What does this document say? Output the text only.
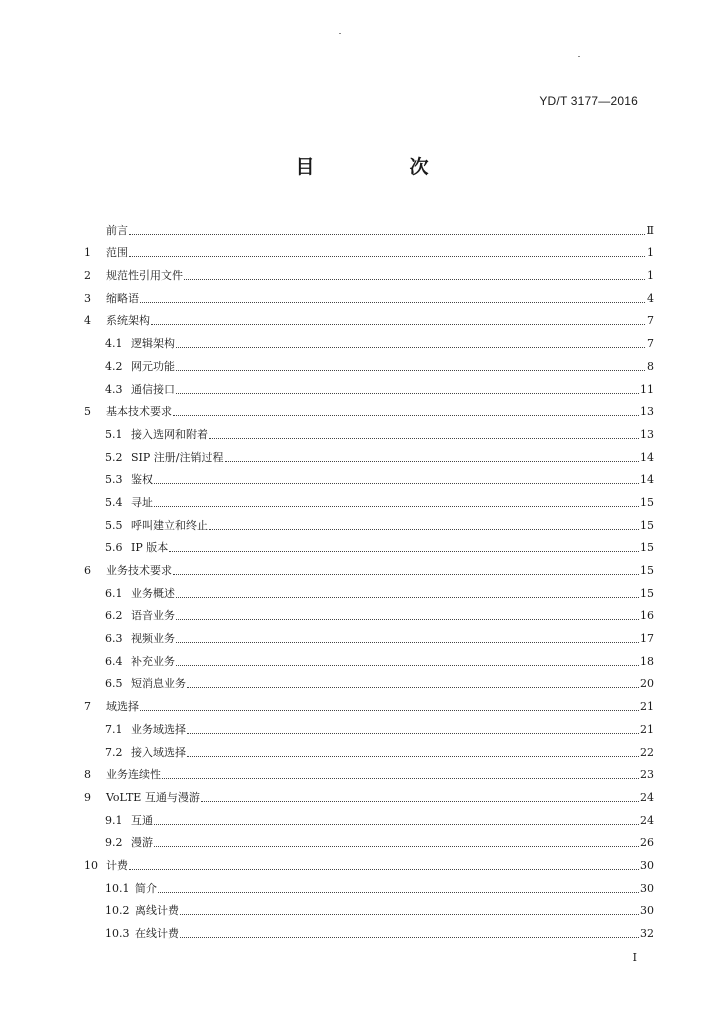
YD/T 3177—2016
目　次
前言	Ⅱ
1	范围	1
2	规范性引用文件	1
3	缩略语	4
4	系统架构	7
4.1 逻辑架构	7
4.2 网元功能	8
4.3 通信接口	11
5	基本技术要求	13
5.1 接入选网和附着	13
5.2 SIP 注册/注销过程	14
5.3 鉴权	14
5.4 寻址	15
5.5 呼叫建立和终止	15
5.6 IP 版本	15
6	业务技术要求	15
6.1 业务概述	15
6.2 语音业务	16
6.3 视频业务	17
6.4 补充业务	18
6.5 短消息业务	20
7	域选择	21
7.1 业务域选择	21
7.2 接入域选择	22
8	业务连续性	23
9	VoLTE 互通与漫游	24
9.1 互通	24
9.2 漫游	26
10 计费	30
10.1 简介	30
10.2 离线计费	30
10.3 在线计费	32
I
